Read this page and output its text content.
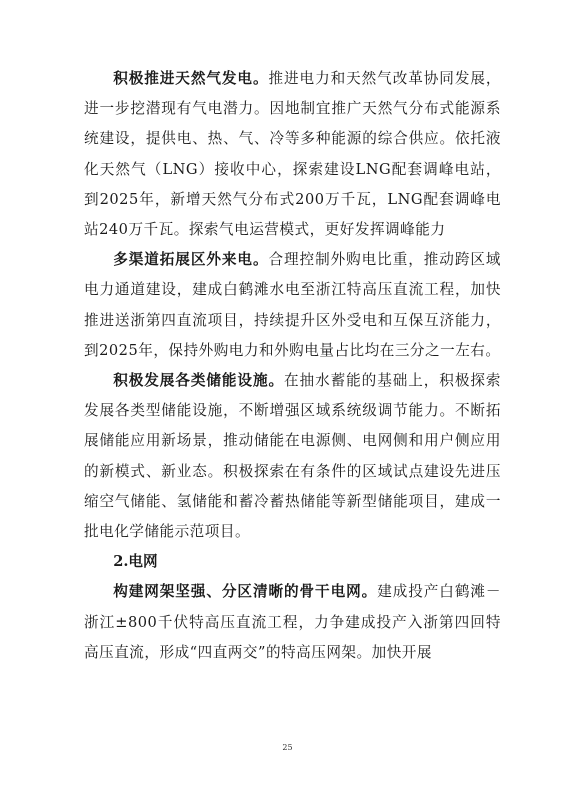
积极推进天然气发电。推进电力和天然气改革协同发展，进一步挖潜现有气电潜力。因地制宜推广天然气分布式能源系统建设，提供电、热、气、冷等多种能源的综合供应。依托液化天然气（LNG）接收中心，探索建设LNG配套调峰电站，到2025年，新增天然气分布式200万千瓦，LNG配套调峰电站240万千瓦。探索气电运营模式，更好发挥调峰能力

多渠道拓展区外来电。合理控制外购电比重，推动跨区域电力通道建设，建成白鹤滩水电至浙江特高压直流工程，加快推进送浙第四直流项目，持续提升区外受电和互保互济能力，到2025年，保持外购电力和外购电量占比均在三分之一左右。

积极发展各类储能设施。在抽水蓄能的基础上，积极探索发展各类型储能设施，不断增强区域系统级调节能力。不断拓展储能应用新场景，推动储能在电源侧、电网侧和用户侧应用的新模式、新业态。积极探索在有条件的区域试点建设先进压缩空气储能、氢储能和蓄冷蓄热储能等新型储能项目，建成一批电化学储能示范项目。

2.电网

构建网架坚强、分区清晰的骨干电网。建成投产白鹤滩－浙江±800千伏特高压直流工程，力争建成投产入浙第四回特高压直流，形成“四直两交”的特高压网架。加快开展

25
